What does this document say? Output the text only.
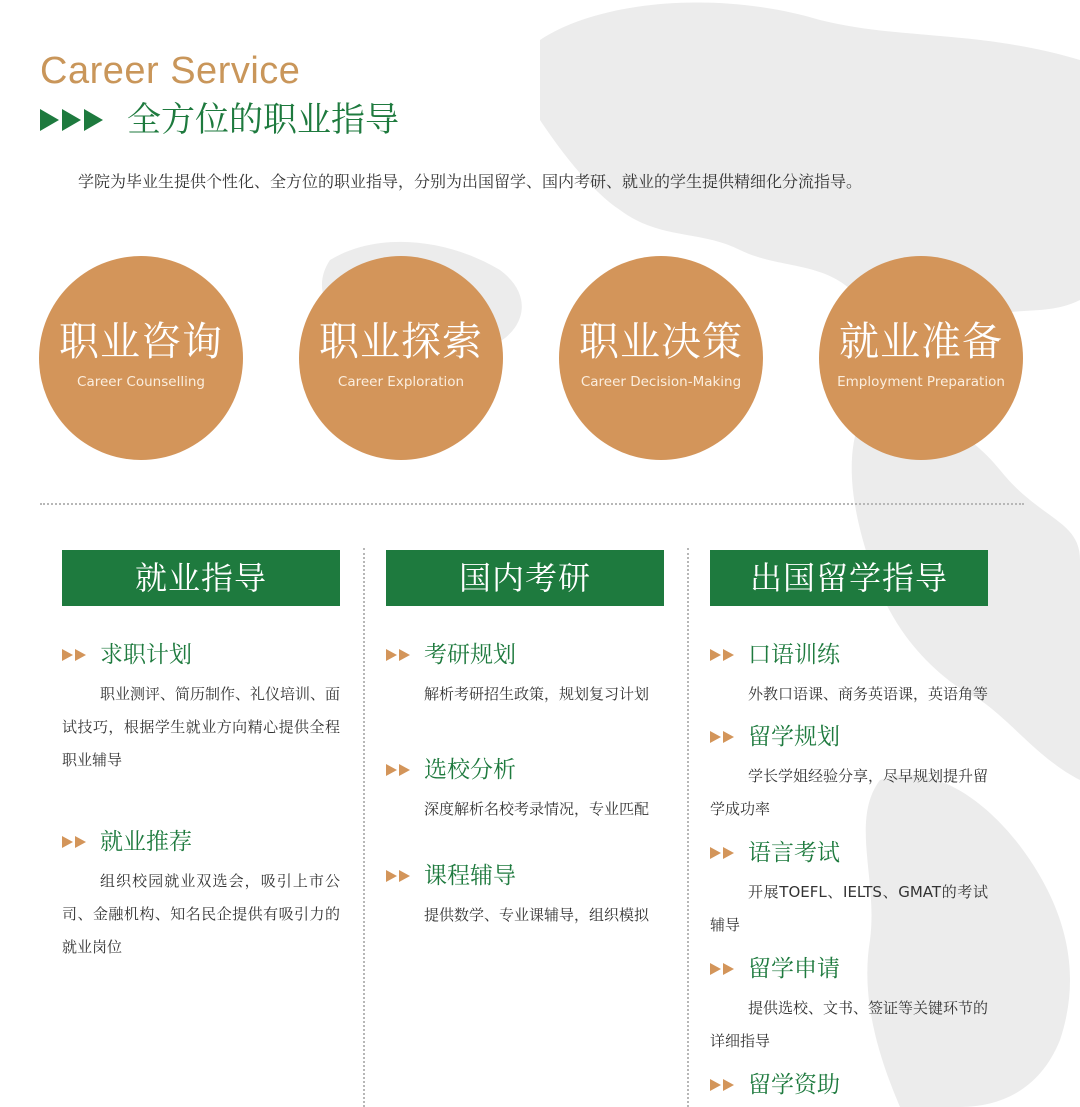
Career Service
全方位的职业指导
学院为毕业生提供个性化、全方位的职业指导，分别为出国留学、国内考研、就业的学生提供精细化分流指导。
职业咨询
Career Counselling
职业探索
Career Exploration
职业决策
Career Decision-Making
就业准备
Employment Preparation
就业指导
求职计划
职业测评、简历制作、礼仪培训、面试技巧，根据学生就业方向精心提供全程职业辅导
就业推荐
组织校园就业双选会，吸引上市公司、金融机构、知名民企提供有吸引力的就业岗位
国内考研
考研规划
解析考研招生政策，规划复习计划
选校分析
深度解析名校考录情况，专业匹配
课程辅导
提供数学、专业课辅导，组织模拟
出国留学指导
口语训练
外教口语课、商务英语课，英语角等
留学规划
学长学姐经验分享，尽早规划提升留学成功率
语言考试
开展TOEFL、IELTS、GMAT的考试辅导
留学申请
提供选校、文书、签证等关键环节的详细指导
留学资助
